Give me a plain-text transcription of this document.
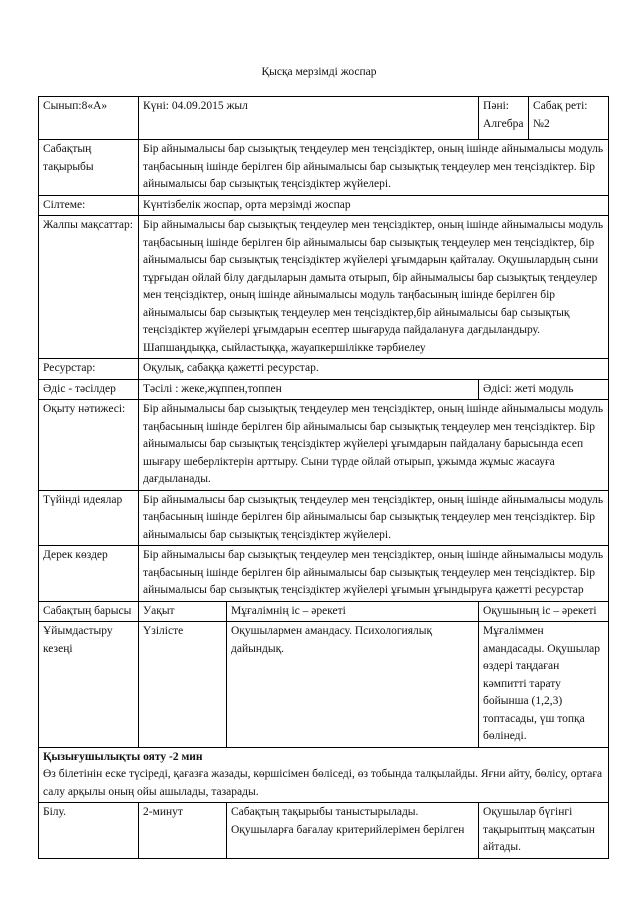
Қысқа мерзімді жоспар
Сынып:8«А»	Күні: 04.09.2015 жыл		Пәні: Алгебра	Сабақ реті:№2
Сабақтың тақырыбы	Бір айнымалысы бар сызықтық теңдеулер мен теңсіздіктер, оның ішінде айнымалысы модуль таңбасының ішінде берілген бір айнымалысы бар сызықтық теңдеулер мен теңсіздіктер. Бір айнымалысы бар сызықтық теңсіздіктер жүйелері.			
Сілтеме:	Күнтізбелік жоспар, орта мерзімді жоспар			
Жалпы мақсаттар:	Бір айнымалысы бар сызықтық теңдеулер мен теңсіздіктер, оның ішінде айнымалысы модуль таңбасының ішінде берілген бір айнымалысы бар сызықтық теңдеулер мен теңсіздіктер, бір айнымалысы бар сызықтық теңсіздіктер жүйелері ұғымдарын қайталау. Оқушылардың сыни тұрғыдан ойлай білу дағдыларын дамыта отырып, бір айнымалысы бар сызықтық теңдеулер мен теңсіздіктер, оның ішінде айнымалысы модуль таңбасының ішінде берілген бір айнымалысы бар сызықтық теңдеулер мен теңсіздіктер,бір айнымалысы бар сызықтық теңсіздіктер жүйелері ұғымдарын есептер шығаруда пайдалануға дағдыландыру. Шапшаңдыққа, сыйластыққа, жауапкершілікке тәрбиелеу			
Ресурстар:	Оқулық, сабаққа қажетті ресурстар.			
Әдіс - тәсілдер	Тәсілі : жеке,жұппен,топпен		Әдісі: жеті модуль	
Оқыту нәтижесі:	Бір айнымалысы бар сызықтық теңдеулер мен теңсіздіктер, оның ішінде айнымалысы модуль таңбасының ішінде берілген бір айнымалысы бар сызықтық теңдеулер мен теңсіздіктер. Бір айнымалысы бар сызықтық теңсіздіктер жүйелері ұғымдарын пайдалану барысында есеп шығару шеберліктерін арттыру. Сыни түрде ойлай отырып, ұжымда жұмыс жасауға дағдыланады.			
Түйінді идеялар	Бір айнымалысы бар сызықтық теңдеулер мен теңсіздіктер, оның ішінде айнымалысы модуль таңбасының ішінде берілген бір айнымалысы бар сызықтық теңдеулер мен теңсіздіктер. Бір айнымалысы бар сызықтық теңсіздіктер жүйелері.			
Дерек көздер	Бір айнымалысы бар сызықтық теңдеулер мен теңсіздіктер, оның ішінде айнымалысы модуль таңбасының ішінде берілген бір айнымалысы бар сызықтық теңдеулер мен теңсіздіктер. Бір айнымалысы бар сызықтық теңсіздіктер жүйелері ұғымын ұғындыруға қажетті ресурстар			
Сабақтың барысы	Уақыт	Мұғалімнің іс – әрекеті	Оқушының іс – әрекеті	
Ұйымдастыру кезеңі	Үзілісте	Оқушылармен амандасу. Психологиялық дайындық.	Мұғаліммен амандасады. Оқушылар өздері таңдаған кәмпитті тарату бойынша (1,2,3) топтасады, үш топқа бөлінеді.	

Қызығушылықты ояту -2 мин
Өз білетінін еске түсіреді, қағазға жазады, көршісімен бөліседі, өз тобында талқылайды. Яғни айту, бөлісу, ортаға салу арқылы оның ойы ашылады, тазарады.				

Білу.	2-минут	Сабақтың тақырыбы таныстырылады. Оқушыларға бағалау критерийлерімен берілген	Оқушылар бүгінгі тақырыптың мақсатын айтады.	
